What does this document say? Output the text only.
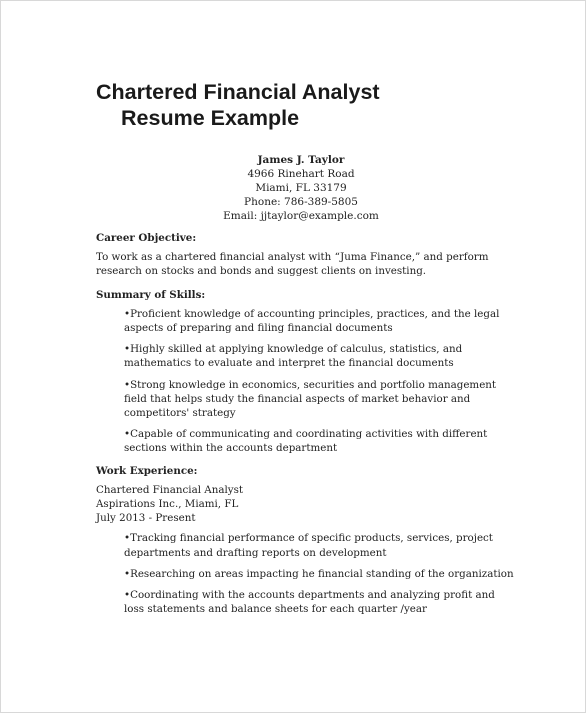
Chartered Financial Analyst
Resume Example
James J. Taylor
4966 Rinehart Road
Miami, FL 33179
Phone: 786-389-5805
Email: jjtaylor@example.com
Career Objective:
To work as a chartered financial analyst with “Juma Finance,” and perform research on stocks and bonds and suggest clients on investing.
Summary of Skills:
•Proficient knowledge of accounting principles, practices, and the legal aspects of preparing and filing financial documents
•Highly skilled at applying knowledge of calculus, statistics, and mathematics to evaluate and interpret the financial documents
•Strong knowledge in economics, securities and portfolio management field that helps study the financial aspects of market behavior and competitors' strategy
•Capable of communicating and coordinating activities with different sections within the accounts department
Work Experience:
Chartered Financial Analyst
Aspirations Inc., Miami, FL
July 2013 - Present
•Tracking financial performance of specific products, services, project departments and drafting reports on development
•Researching on areas impacting he financial standing of the organization
•Coordinating with the accounts departments and analyzing profit and loss statements and balance sheets for each quarter /year
